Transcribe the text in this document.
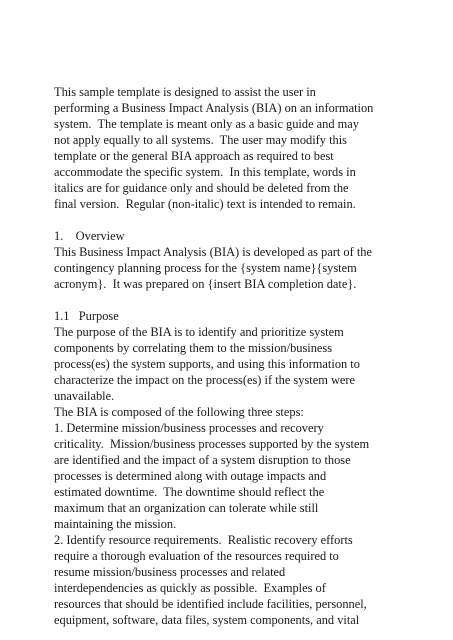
This sample template is designed to assist the user in
performing a Business Impact Analysis (BIA) on an information
system.  The template is meant only as a basic guide and may
not apply equally to all systems.  The user may modify this
template or the general BIA approach as required to best
accommodate the specific system.  In this template, words in
italics are for guidance only and should be deleted from the
final version.  Regular (non-italic) text is intended to remain.
1.    Overview
This Business Impact Analysis (BIA) is developed as part of the
contingency planning process for the {system name}{system
acronym}.  It was prepared on {insert BIA completion date}.
1.1   Purpose
The purpose of the BIA is to identify and prioritize system
components by correlating them to the mission/business
process(es) the system supports, and using this information to
characterize the impact on the process(es) if the system were
unavailable.
The BIA is composed of the following three steps:
1. Determine mission/business processes and recovery
criticality.  Mission/business processes supported by the system
are identified and the impact of a system disruption to those
processes is determined along with outage impacts and
estimated downtime.  The downtime should reflect the
maximum that an organization can tolerate while still
maintaining the mission.
2. Identify resource requirements.  Realistic recovery efforts
require a thorough evaluation of the resources required to
resume mission/business processes and related
interdependencies as quickly as possible.  Examples of
resources that should be identified include facilities, personnel,
equipment, software, data files, system components, and vital
